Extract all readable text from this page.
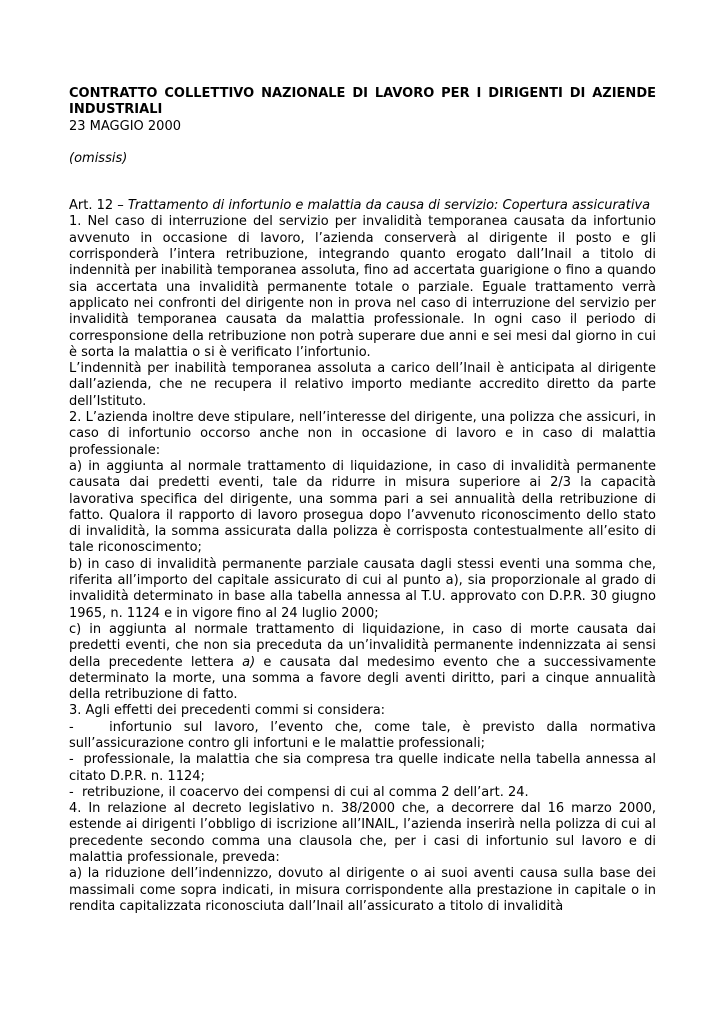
CONTRATTO COLLETTIVO NAZIONALE DI LAVORO PER I DIRIGENTI DI AZIENDE INDUSTRIALI

23 MAGGIO 2000

(omissis)

Art. 12 – Trattamento di infortunio e malattia da causa di servizio: Copertura assicurativa

1. Nel caso di interruzione del servizio per invalidità temporanea causata da infortunio avvenuto in occasione di lavoro, l’azienda conserverà al dirigente il posto e gli corrisponderà l’intera retribuzione, integrando quanto erogato dall’Inail a titolo di indennità per inabilità temporanea assoluta, fino ad accertata guarigione o fino a quando sia accertata una invalidità permanente totale o parziale. Eguale trattamento verrà applicato nei confronti del dirigente non in prova nel caso di interruzione del servizio per invalidità temporanea causata da malattia professionale. In ogni caso il periodo di corresponsione della retribuzione non potrà superare due anni e sei mesi dal giorno in cui è sorta la malattia o si è verificato l’infortunio.

L’indennità per inabilità temporanea assoluta a carico dell’Inail è anticipata al dirigente dall’azienda, che ne recupera il relativo importo mediante accredito diretto da parte dell’Istituto.

2. L’azienda inoltre deve stipulare, nell’interesse del dirigente, una polizza che assicuri, in caso di infortunio occorso anche non in occasione di lavoro e in caso di malattia professionale:

a) in aggiunta al normale trattamento di liquidazione, in caso di invalidità permanente causata dai predetti eventi, tale da ridurre in misura superiore ai 2/3 la capacità lavorativa specifica del dirigente, una somma pari a sei annualità della retribuzione di fatto. Qualora il rapporto di lavoro prosegua dopo l’avvenuto riconoscimento dello stato di invalidità, la somma assicurata dalla polizza è corrisposta contestualmente all’esito di tale riconoscimento;

b) in caso di invalidità permanente parziale causata dagli stessi eventi una somma che, riferita all’importo del capitale assicurato di cui al punto a), sia proporzionale al grado di invalidità determinato in base alla tabella annessa al T.U. approvato con D.P.R. 30 giugno 1965, n. 1124 e in vigore fino al 24 luglio 2000;

c) in aggiunta al normale trattamento di liquidazione, in caso di morte causata dai predetti eventi, che non sia preceduta da un’invalidità permanente indennizzata ai sensi della precedente lettera a) e causata dal medesimo evento che a successivamente determinato la morte, una somma a favore degli aventi diritto, pari a cinque annualità della retribuzione di fatto.

3. Agli effetti dei precedenti commi si considera:

-   infortunio sul lavoro, l’evento che, come tale, è previsto dalla normativa sull’assicurazione contro gli infortuni e le malattie professionali;

-  professionale, la malattia che sia compresa tra quelle indicate nella tabella annessa al citato D.P.R. n. 1124;

-  retribuzione, il coacervo dei compensi di cui al comma 2 dell’art. 24.

4. In relazione al decreto legislativo n. 38/2000 che, a decorrere dal 16 marzo 2000, estende ai dirigenti l’obbligo di iscrizione all’INAIL, l’azienda inserirà nella polizza di cui al precedente secondo comma una clausola che, per i casi di infortunio sul lavoro e di malattia professionale, preveda:

a) la riduzione dell’indennizzo, dovuto al dirigente o ai suoi aventi causa sulla base dei massimali come sopra indicati, in misura corrispondente alla prestazione in capitale o in rendita capitalizzata riconosciuta dall’Inail all’assicurato a titolo di invalidità
